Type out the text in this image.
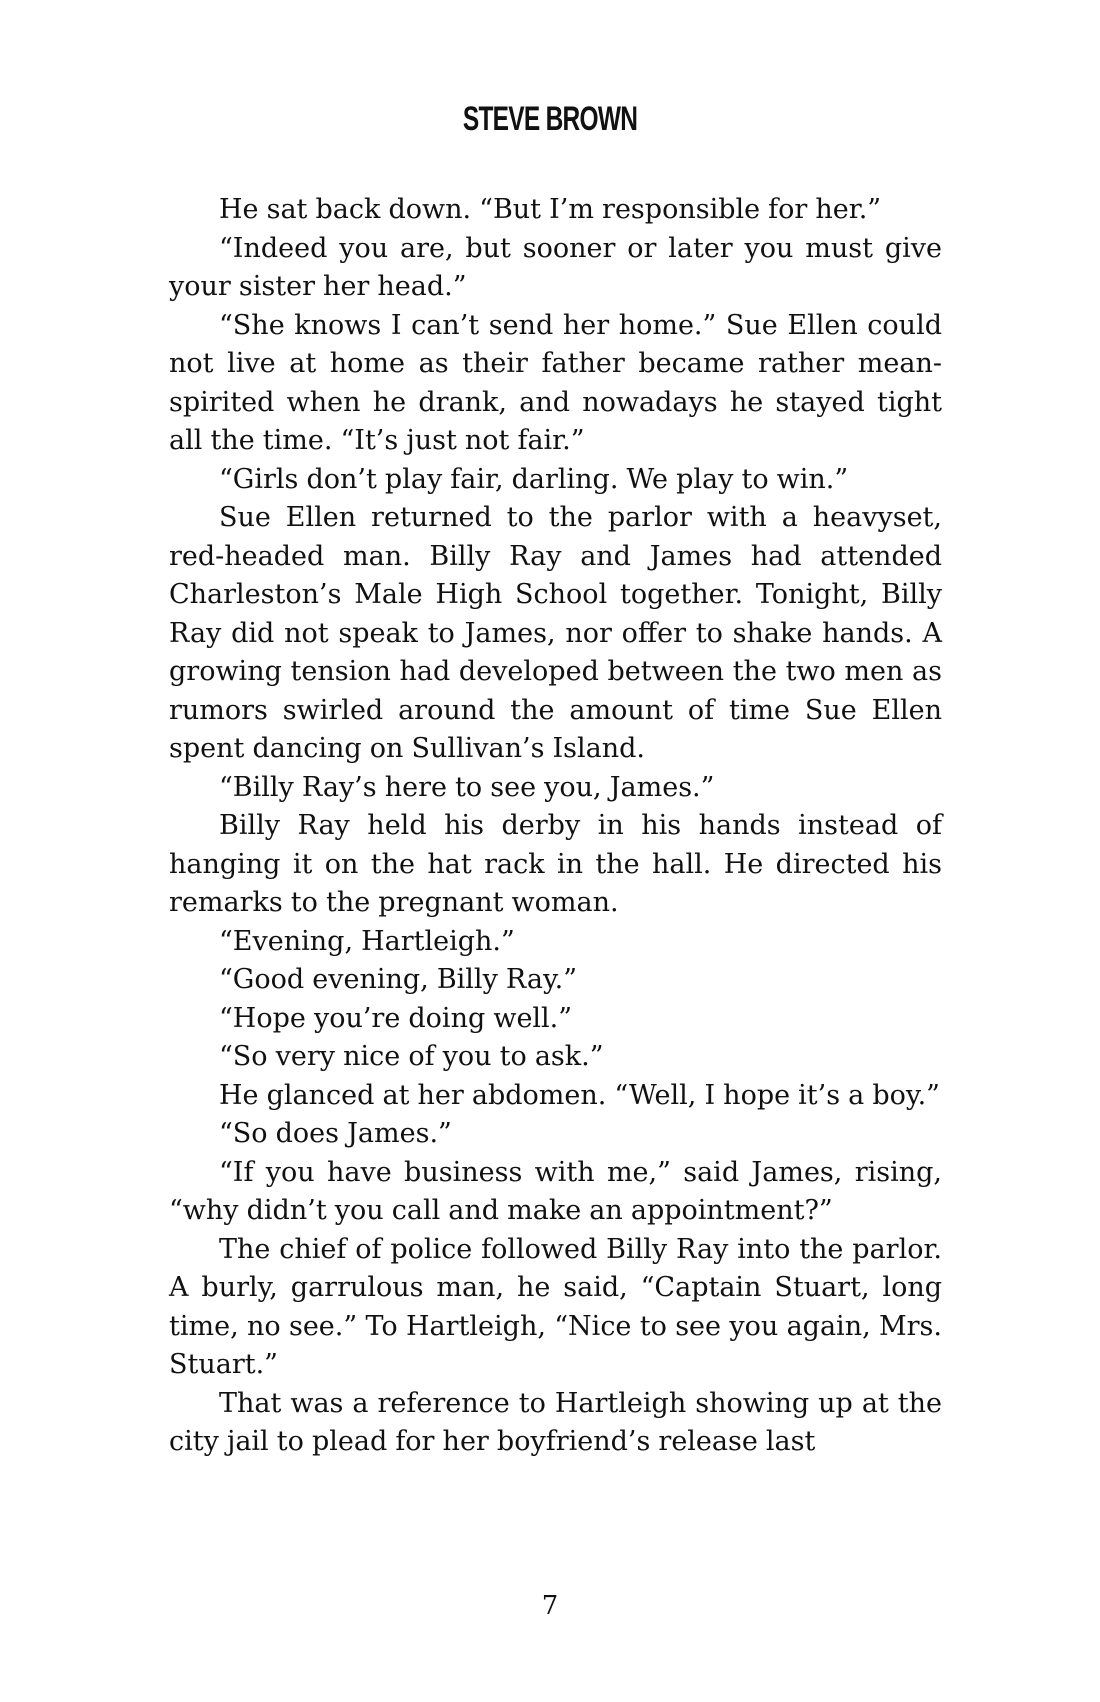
STEVE BROWN

He sat back down. “But I’m responsible for her.”

“Indeed you are, but sooner or later you must give your sister her head.”

“She knows I can’t send her home.” Sue Ellen could not live at home as their father became rather mean-spirited when he drank, and nowadays he stayed tight all the time. “It’s just not fair.”

“Girls don’t play fair, darling. We play to win.”

Sue Ellen returned to the parlor with a heavyset, red-headed man. Billy Ray and James had attended Charleston’s Male High School together. Tonight, Billy Ray did not speak to James, nor offer to shake hands. A growing tension had developed between the two men as rumors swirled around the amount of time Sue Ellen spent dancing on Sullivan’s Island.

“Billy Ray’s here to see you, James.”

Billy Ray held his derby in his hands instead of hanging it on the hat rack in the hall. He directed his remarks to the pregnant woman.

“Evening, Hartleigh.”

“Good evening, Billy Ray.”

“Hope you’re doing well.”

“So very nice of you to ask.”

He glanced at her abdomen. “Well, I hope it’s a boy.”

“So does James.”

“If you have business with me,” said James, rising, “why didn’t you call and make an appointment?”

The chief of police followed Billy Ray into the parlor. A burly, garrulous man, he said, “Captain Stuart, long time, no see.” To Hartleigh, “Nice to see you again, Mrs. Stuart.”

That was a reference to Hartleigh showing up at the city jail to plead for her boyfriend’s release last

7
